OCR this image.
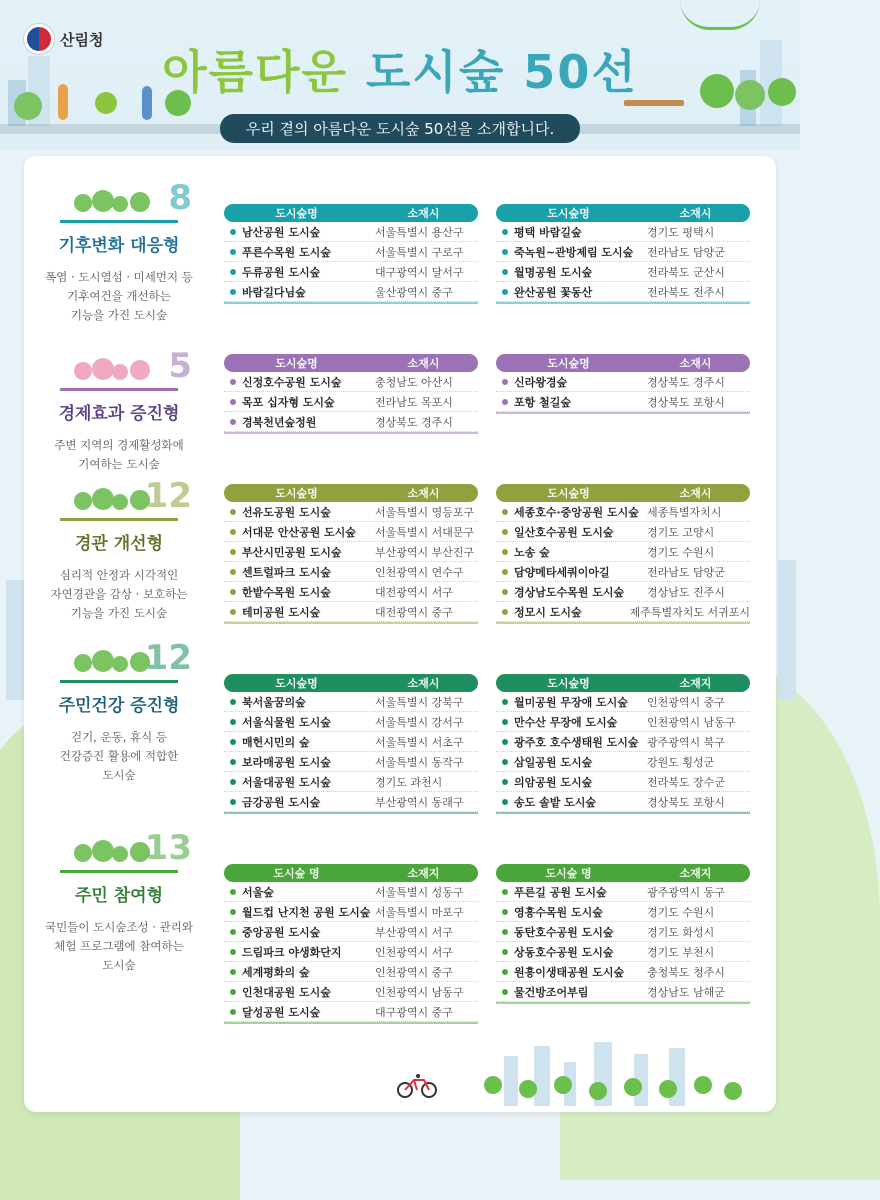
산림청
아름다운 도시숲 50선
우리 곁의 아름다운 도시숲 50선을 소개합니다.
8
기후변화 대응형
폭염 · 도시열섬 · 미세먼지 등
기후여건을 개선하는
기능을 가진 도시숲
도시숲명	소재시
남산공원 도시숲	서울특별시 용산구
푸른수목원 도시숲	서울특별시 구로구
두류공원 도시숲	대구광역시 달서구
바람길다님숲	울산광역시 중구
도시숲명	소재시
평택 바람길숲	경기도 평택시
죽녹원~관방제림 도시숲	전라남도 담양군
월명공원 도시숲	전라북도 군산시
완산공원 꽃동산	전라북도 전주시
5
경제효과 증진형
주변 지역의 경제활성화에
기여하는 도시숲
도시숲명	소재시
신정호수공원 도시숲	충청남도 아산시
목포 십자형 도시숲	전라남도 목포시
경북천년숲정원	경상북도 경주시
도시숲명	소재시
신라왕경숲	경상북도 경주시
포항 철길숲	경상북도 포항시
12
경관 개선형
심리적 안정과 시각적인
자연경관을 감상 · 보호하는
기능을 가진 도시숲
도시숲명	소재시
선유도공원 도시숲	서울특별시 영등포구
서대문 안산공원 도시숲	서울특별시 서대문구
부산시민공원 도시숲	부산광역시 부산진구
센트럴파크 도시숲	인천광역시 연수구
한밭수목원 도시숲	대전광역시 서구
테미공원 도시숲	대전광역시 중구
도시숲명	소재시
세종호수·중앙공원 도시숲 세종특별자치시
일산호수공원 도시숲	경기도 고양시
노송 숲	경기도 수원시
담양메타세쿼이아길	전라남도 담양군
경상남도수목원 도시숲	경상남도 진주시
정모시 도시숲	제주특별자치도 서귀포시
12
주민건강 증진형
걷기, 운동, 휴식 등
건강증진 활용에 적합한
도시숲
도시숲명	소재시
북서울꿈의숲	서울특별시 강북구
서울식물원 도시숲	서울특별시 강서구
매헌시민의 숲	서울특별시 서초구
보라매공원 도시숲	서울특별시 동작구
서울대공원 도시숲	경기도 과천시
금강공원 도시숲	부산광역시 동래구
도시숲명	소재지
월미공원 무장애 도시숲	인천광역시 중구
만수산 무장애 도시숲	인천광역시 남동구
광주호 호수생태원 도시숲 광주광역시 북구
삼일공원 도시숲	강원도 횡성군
의암공원 도시숲	전라북도 장수군
송도 솔밭 도시숲	경상북도 포항시
13
주민 참여형
국민들이 도시숲조성 · 관리와
체험 프로그램에 참여하는
도시숲
도시숲 명	소재지
서울숲	서울특별시 성동구
월드컵 난지천 공원 도시숲 서울특별시 마포구
중앙공원 도시숲	부산광역시 서구
드림파크 야생화단지	인천광역시 서구
세계평화의 숲	인천광역시 중구
인천대공원 도시숲	인천광역시 남동구
달성공원 도시숲	대구광역시 중구
도시숲 명	소재지
푸른길 공원 도시숲	광주광역시 동구
영흥수목원 도시숲	경기도 수원시
동탄호수공원 도시숲	경기도 화성시
상동호수공원 도시숲	경기도 부천시
원흥이생태공원 도시숲	충청북도 청주시
물건방조어부림	경상남도 남해군
